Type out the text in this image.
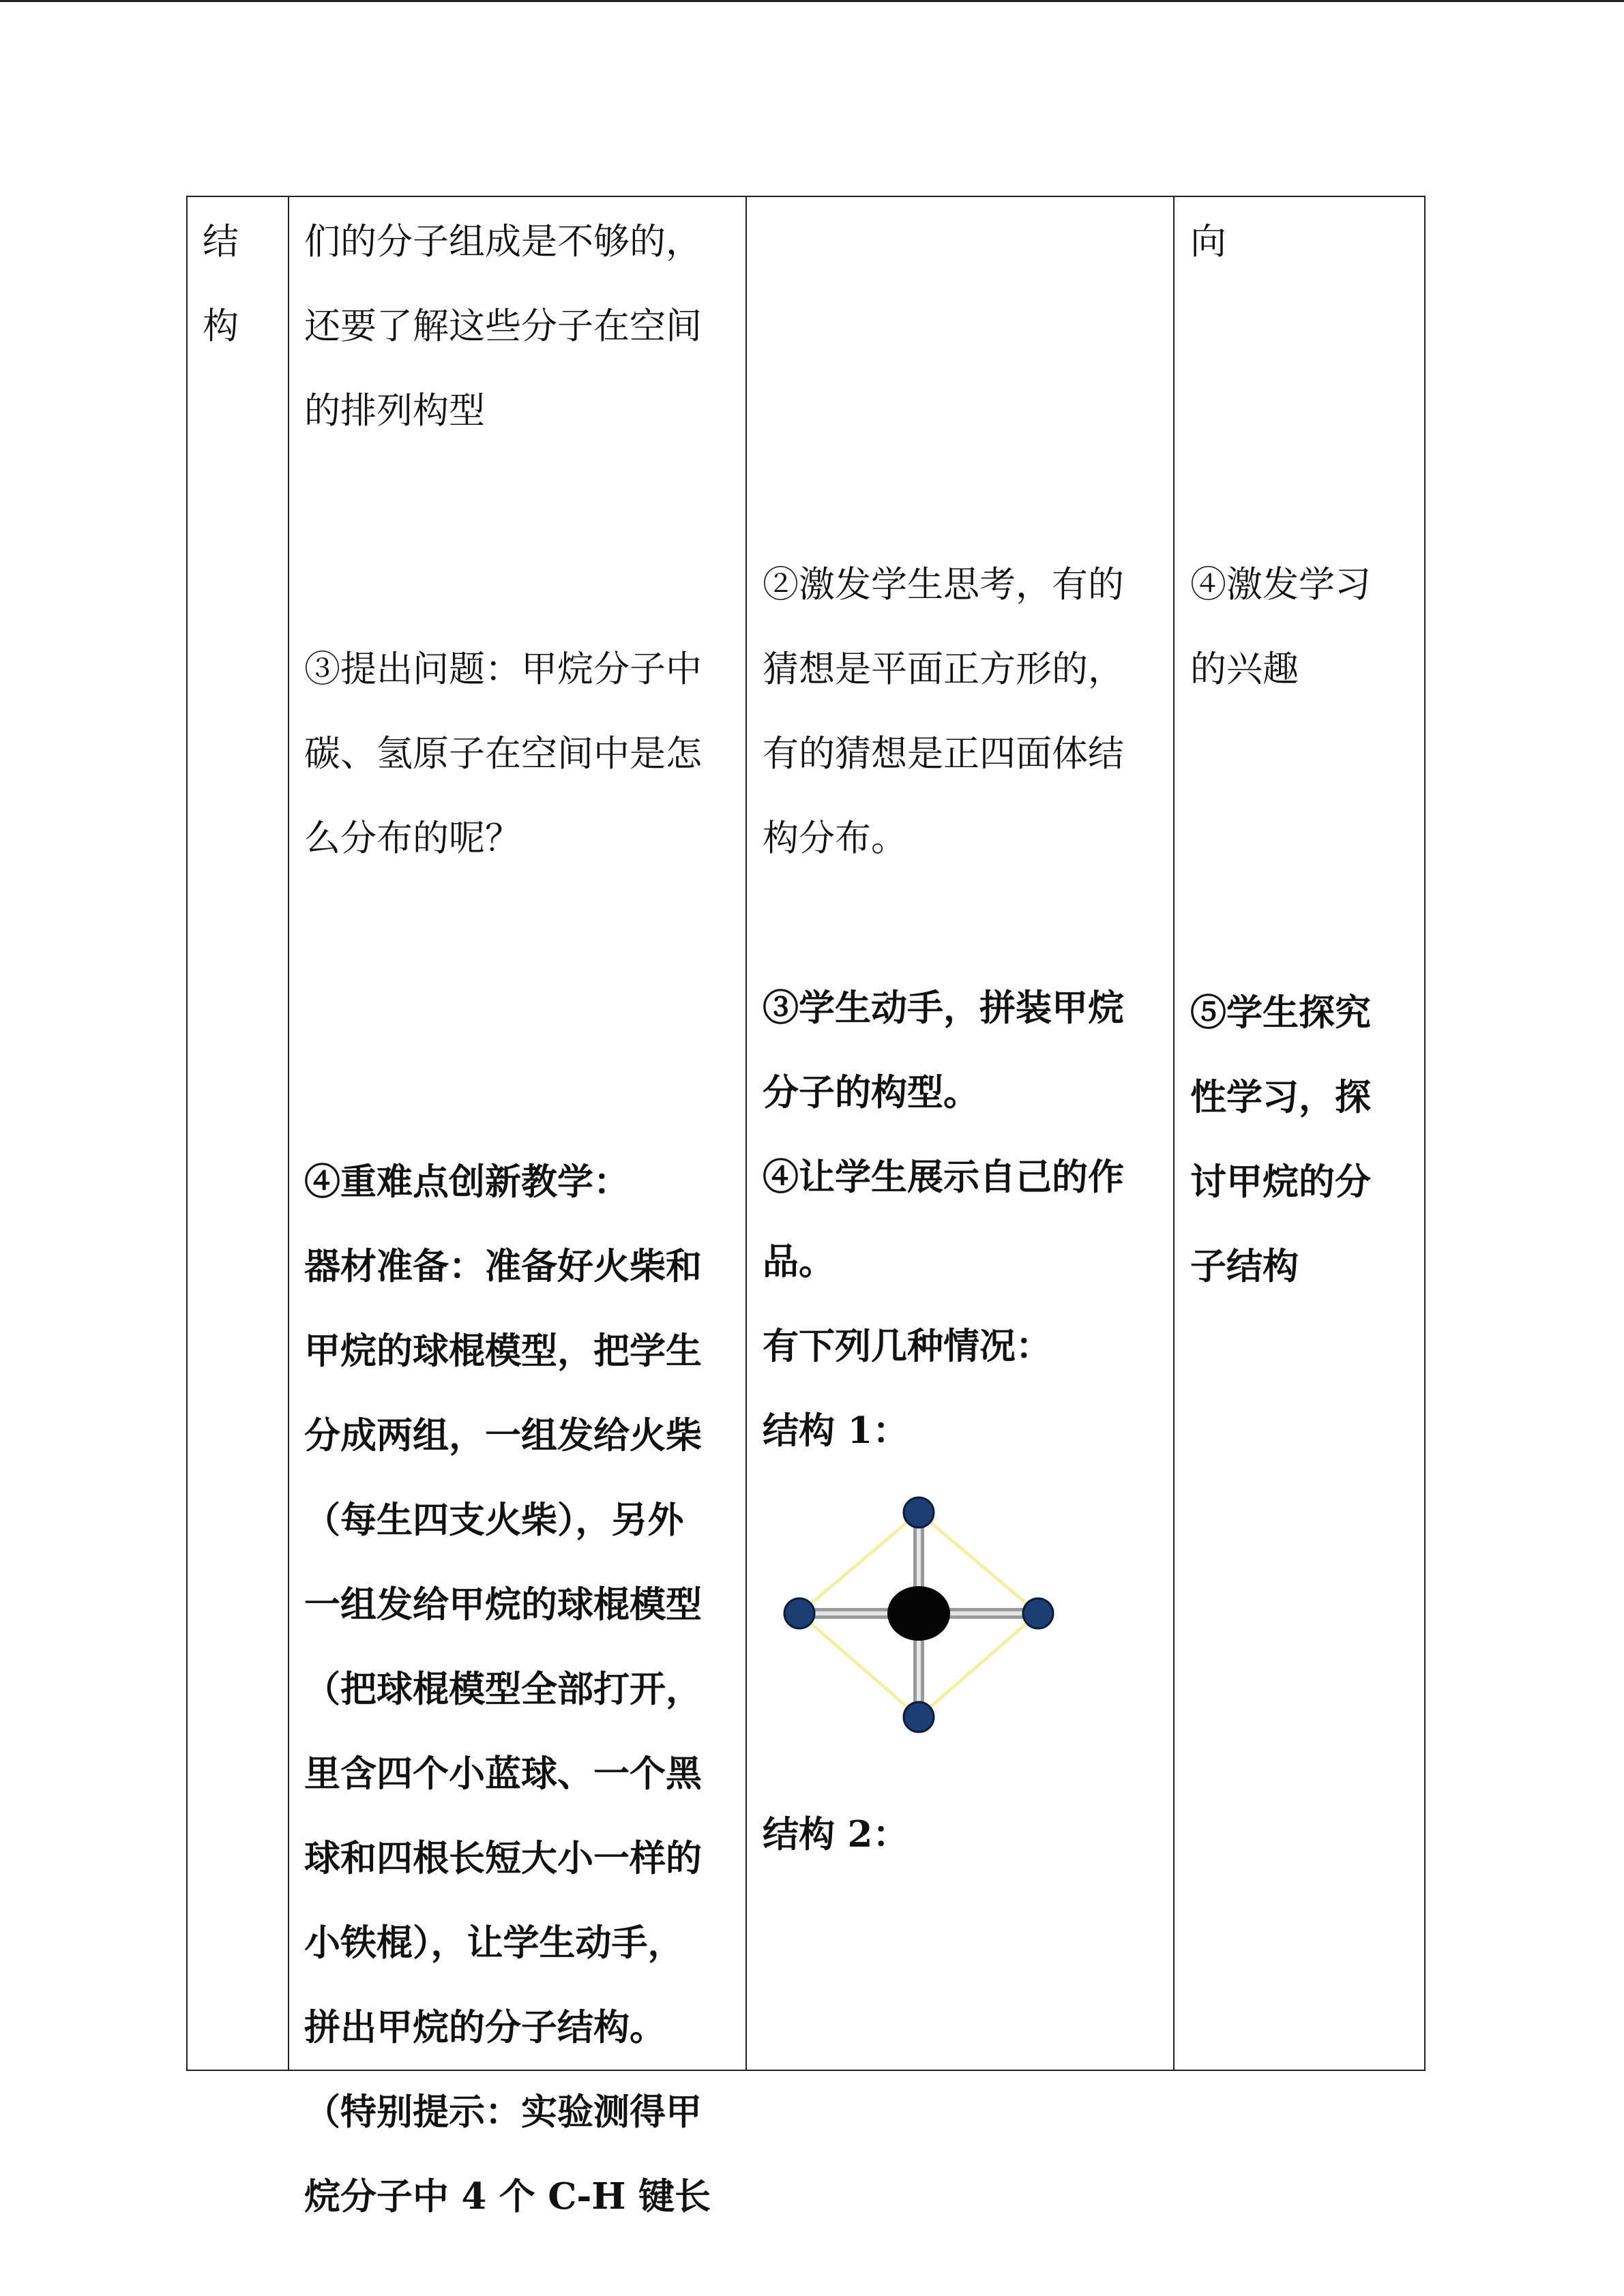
结

构

们的分子组成是不够的，

还要了解这些分子在空间

的排列构型

③提出问题：甲烷分子中

碳、氢原子在空间中是怎

么分布的呢？

④重难点创新教学：

器材准备：准备好火柴和

甲烷的球棍模型，把学生

分成两组，一组发给火柴

（每生四支火柴），另外

一组发给甲烷的球棍模型

（把球棍模型全部打开，

里含四个小蓝球、一个黑

球和四根长短大小一样的

小铁棍），让学生动手，

拼出甲烷的分子结构。

（特别提示：实验测得甲

烷分子中 4 个 C-H 键长

②激发学生思考，有的

猜想是平面正方形的，

有的猜想是正四面体结

构分布。

③学生动手，拼装甲烷

分子的构型。

④让学生展示自己的作

品。

有下列几种情况：

结构 1：

结构 2：

向

④激发学习

的兴趣

⑤学生探究

性学习，探

讨甲烷的分

子结构
